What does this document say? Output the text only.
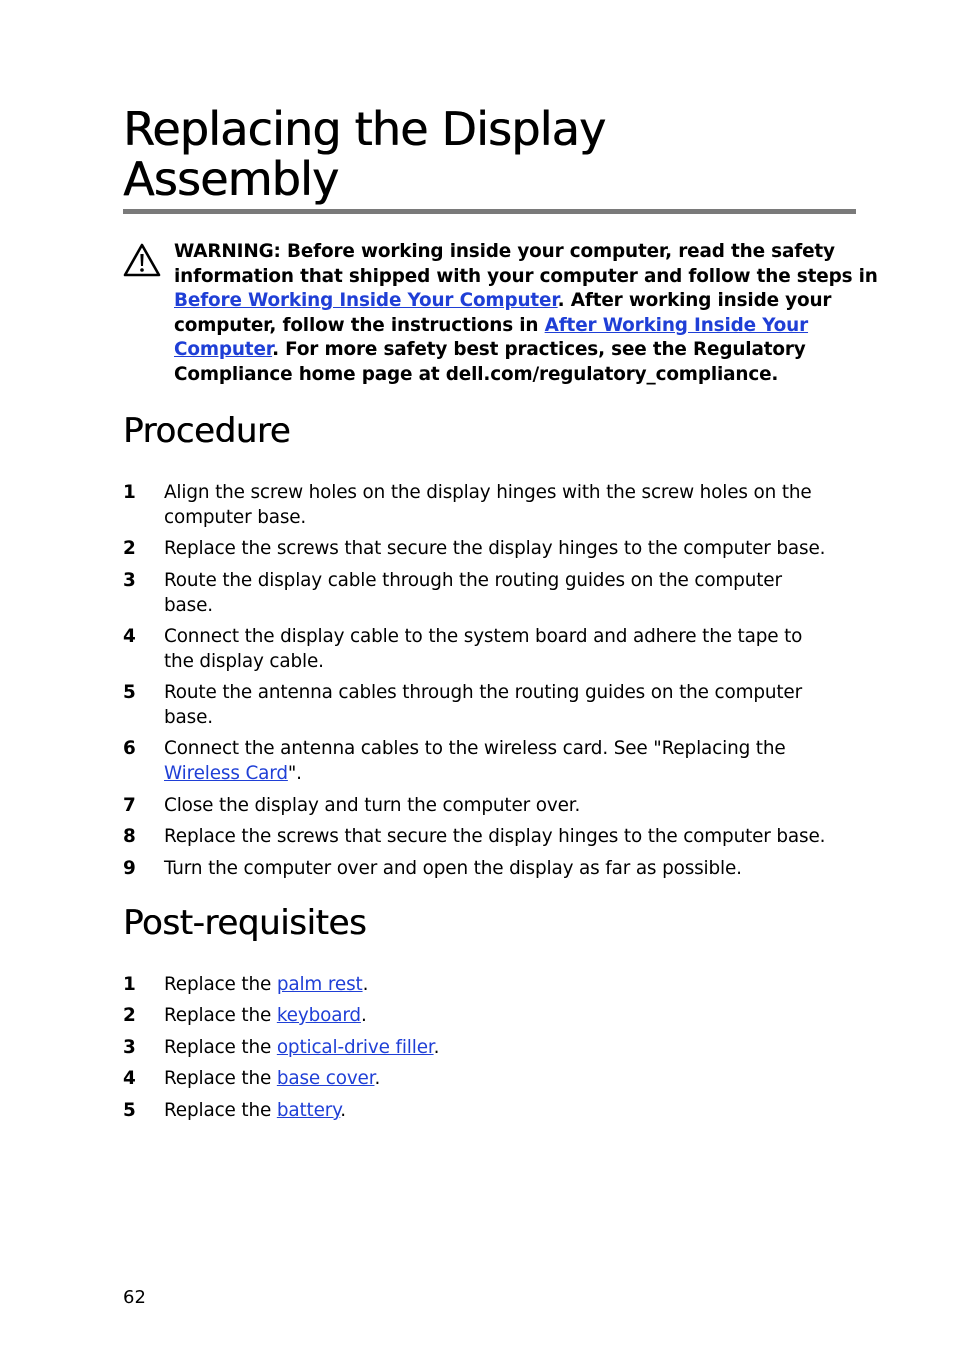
Replacing the Display
Assembly
WARNING: Before working inside your computer, read the safety
information that shipped with your computer and follow the steps in
Before Working Inside Your Computer. After working inside your
computer, follow the instructions in After Working Inside Your
Computer. For more safety best practices, see the Regulatory
Compliance home page at dell.com/regulatory_compliance.
Procedure
1 Align the screw holes on the display hinges with the screw holes on the
computer base.
2 Replace the screws that secure the display hinges to the computer base.
3 Route the display cable through the routing guides on the computer
base.
4 Connect the display cable to the system board and adhere the tape to
the display cable.
5 Route the antenna cables through the routing guides on the computer
base.
6 Connect the antenna cables to the wireless card. See "Replacing the
Wireless Card".
7 Close the display and turn the computer over.
8 Replace the screws that secure the display hinges to the computer base.
9 Turn the computer over and open the display as far as possible.
Post-requisites
1 Replace the palm rest.
2 Replace the keyboard.
3 Replace the optical-drive filler.
4 Replace the base cover.
5 Replace the battery.
62
